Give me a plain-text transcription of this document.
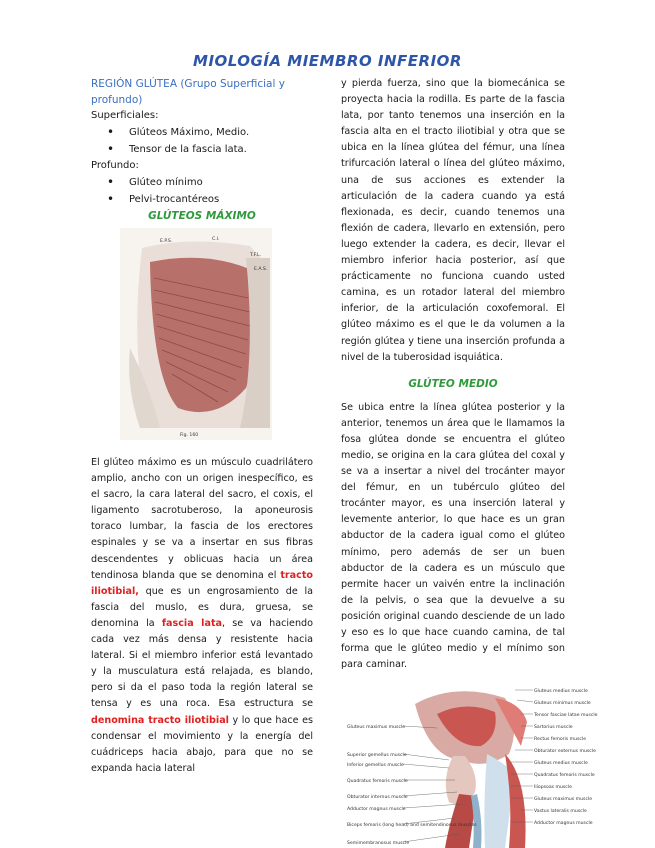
MIOLOGÍA MIEMBRO INFERIOR

REGIÓN GLÚTEA (Grupo Superficial y profundo)

Superficiales:

• Glúteos Máximo, Medio.
• Tensor de la fascia lata.

Profundo:

• Glúteo mínimo
• Pelvi-trocantéreos

GLÚTEOS MÁXIMO

E.P.S.	C.I.
T.F.L.
E.A.S.
Fig. 160

El glúteo máximo es un músculo cuadrilátero amplio, ancho con un origen inespecífico, es el sacro, la cara lateral del sacro, el coxis, el ligamento sacrotuberoso, la aponeurosis toraco lumbar, la fascia de los erectores espinales y se va a insertar en sus fibras descendentes y oblicuas hacia un área tendinosa blanda que se denomina el tracto iliotibial, que es un engrosamiento de la fascia del muslo, es dura, gruesa, se denomina la fascia lata, se va haciendo cada vez más densa y resistente hacia lateral. Si el miembro inferior está levantado y la musculatura está relajada, es blando, pero si da el paso toda la región lateral se tensa y es una roca. Esa estructura se denomina tracto iliotibial y lo que hace es condensar el movimiento y la energía del cuádriceps hacia abajo, para que no se expanda hacia lateral

y pierda fuerza, sino que la biomecánica se proyecta hacia la rodilla. Es parte de la fascia lata, por tanto tenemos una inserción en la fascia alta en el tracto iliotibial y otra que se ubica en la línea glútea del fémur, una línea trifurcación lateral o línea del glúteo máximo, una de sus acciones es extender la articulación de la cadera cuando ya está flexionada, es decir, cuando tenemos una flexión de cadera, llevarlo en extensión, pero luego extender la cadera, es decir, llevar el miembro inferior hacia posterior, así que prácticamente no funciona cuando usted camina, es un rotador lateral del miembro inferior, de la articulación coxofemoral. El glúteo máximo es el que le da volumen a la región glútea y tiene una inserción profunda a nivel de la tuberosidad isquiática.

GLÚTEO MEDIO

Se ubica entre la línea glútea posterior y la anterior, tenemos un área que le llamamos la fosa glútea donde se encuentra el glúteo medio, se origina en la cara glútea del coxal y se va a insertar a nivel del trocánter mayor del fémur, en un tubérculo glúteo del trocánter mayor, es una inserción lateral y levemente anterior, lo que hace es un gran abductor de la cadera igual como el glúteo mínimo, pero además de ser un buen abductor de la cadera es un músculo que permite hacer un vaivén entre la inclinación de la pelvis, o sea que la devuelve a su posición original cuando desciende de un lado y eso es lo que hace cuando camina, de tal forma que le glúteo medio y el mínimo son para caminar.

Gluteus maximus muscle
Superior gemellus muscle
Inferior gemellus muscle
Quadratus femoris muscle
Obturator internus muscle
Adductor magnus muscle
Biceps femoris (long head) and semitendinosus muscles
Semimembranosus muscle
Gluteus medius muscle
Gluteus minimus muscle
Tensor fasciae latae muscle
Sartorius muscle
Rectus femoris muscle
Obturator externus muscle
Gluteus medius muscle
Quadratus femoris muscle
Iliopsoas muscle
Gluteus maximus muscle
Vastus lateralis muscle
Adductor magnus muscle
